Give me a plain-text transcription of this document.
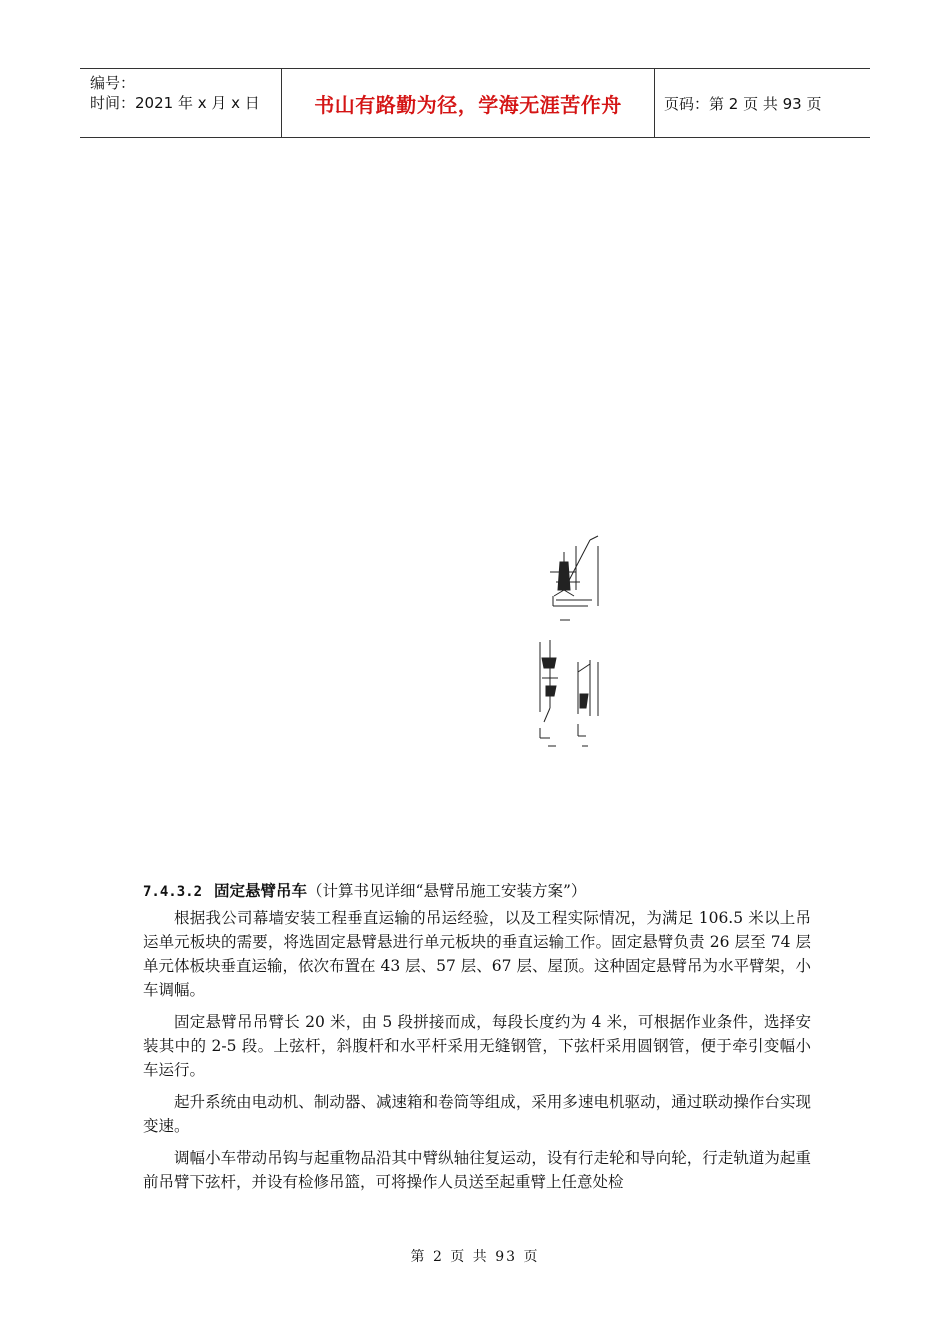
编号：
时间：2021 年 x 月 x 日	书山有路勤为径，学海无涯苦作舟	页码：第 2 页 共 93 页
7.4.3.2 固定悬臂吊车（计算书见详细“悬臂吊施工安装方案”）

根据我公司幕墙安装工程垂直运输的吊运经验，以及工程实际情况，为满足 106.5 米以上吊运单元板块的需要，将选固定悬臂悬进行单元板块的垂直运输工作。固定悬臂负责 26 层至 74 层单元体板块垂直运输，依次布置在 43 层、57 层、67 层、屋顶。这种固定悬臂吊为水平臂架，小车调幅。

固定悬臂吊吊臂长 20 米，由 5 段拼接而成，每段长度约为 4 米，可根据作业条件，选择安装其中的 2-5 段。上弦杆，斜腹杆和水平杆采用无缝钢管，下弦杆采用圆钢管，便于牵引变幅小车运行。

起升系统由电动机、制动器、减速箱和卷筒等组成，采用多速电机驱动，通过联动操作台实现变速。

调幅小车带动吊钩与起重物品沿其中臂纵轴往复运动，设有行走轮和导向轮，行走轨道为起重前吊臂下弦杆，并设有检修吊篮，可将操作人员送至起重臂上任意处检

第 2 页 共 93 页
